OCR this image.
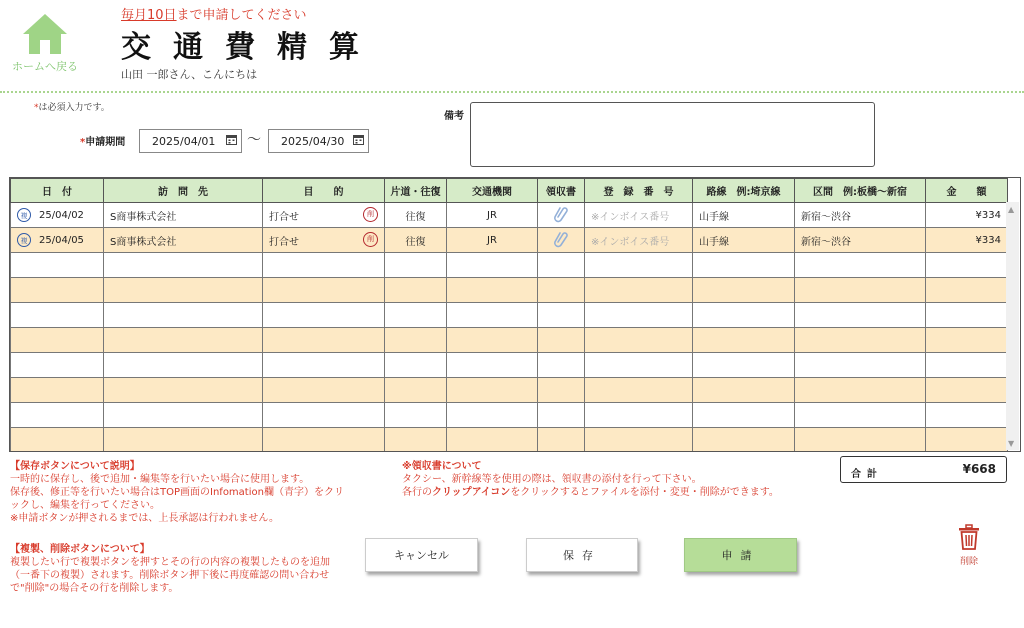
ホームへ戻る
毎月10日まで申請してください
交通費精算
山田 一郎さん、こんにちは
*は必須入力です。
*申請期間	2025/04/01	〜	2025/04/30
備考
日　付	訪　問　先	目　　的	片道・往復	交通機関	領収書	登　録　番　号	路線　例:埼京線	区間　例:板橋～新宿	金　　額
複 25/04/02	S商事株式会社	打合せ 削	往復	JR		※インボイス番号	山手線	新宿〜渋谷	¥334
複 25/04/05	S商事株式会社	打合せ 削	往復	JR		※インボイス番号	山手線	新宿〜渋谷	¥334

▲
▼
【保存ボタンについて説明】
一時的に保存し、後で追加・編集等を行いたい場合に使用します。
保存後、修正等を行いたい場合はTOP画面のInfomation欄（青字）をクリ
ックし、編集を行ってください。
※申請ボタンが押されるまでは、上長承認は行われません。
【複製、削除ボタンについて】
複製したい行で複製ボタンを押すとその行の内容の複製したものを追加
（一番下の複製）されます。削除ボタン押下後に再度確認の問い合わせ
で"削除"の場合その行を削除します。
※領収書について
タクシー、新幹線等を使用の際は、領収書の添付を行って下さい。
各行のクリップアイコンをクリックするとファイルを添付・変更・削除ができます。
合計	¥668
キャンセル	保存	申請	削除
